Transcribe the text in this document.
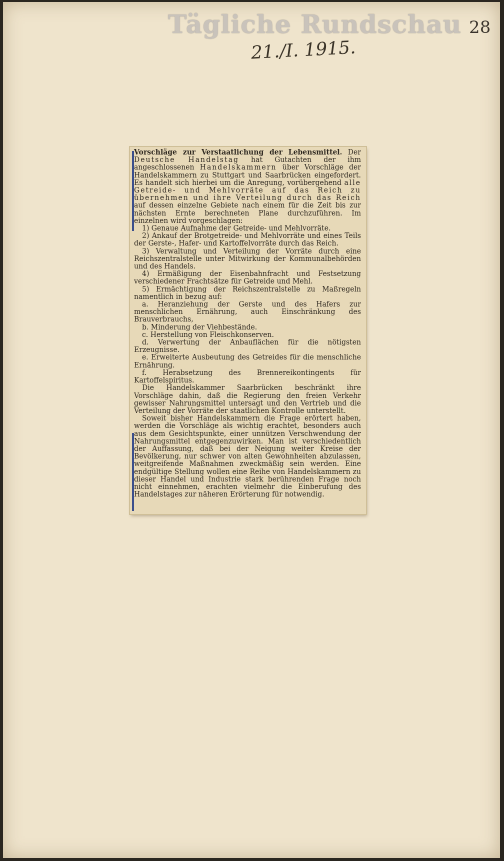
Tägliche Rundschau 28
21./I. 1915.

Vorschläge zur Verstaatlichung der Lebensmittel. Der Deutsche Handelstag hat Gutachten der ihm angeschlossenen Handelskammern über Vorschläge der Handelskammern zu Stuttgart und Saarbrücken eingefordert. Es handelt sich hierbei um die Anregung, vorübergehend alle Getreide- und Mehlvorräte auf das Reich zu übernehmen und ihre Verteilung durch das Reich auf dessen einzelne Gebiete nach einem für die Zeit bis zur nächsten Ernte berechneten Plane durchzuführen. Im einzelnen wird vorgeschlagen:

1) Genaue Aufnahme der Getreide- und Mehlvorräte.

2) Ankauf der Brotgetreide- und Mehlvorräte und eines Teils der Gerste-, Hafer- und Kartoffelvorräte durch das Reich.

3) Verwaltung und Verteilung der Vorräte durch eine Reichszentralstelle unter Mitwirkung der Kommunalbehörden und des Handels.

4) Ermäßigung der Eisenbahnfracht und Festsetzung verschiedener Frachtsätze für Getreide und Mehl.

5) Ermächtigung der Reichszentralstelle zu Maßregeln namentlich in bezug auf:

a. Heranziehung der Gerste und des Hafers zur menschlichen Ernährung, auch Einschränkung des Brauverbrauchs,

b. Minderung der Viehbestände.

c. Herstellung von Fleischkonserven.

d. Verwertung der Anbauflächen für die nötigsten Erzeugnisse.

e. Erweiterte Ausbeutung des Getreides für die menschliche Ernährung.

f. Herabsetzung des Brennereikontingents für Kartoffelspiritus.

Die Handelskammer Saarbrücken beschränkt ihre Vorschläge dahin, daß die Regierung den freien Verkehr gewisser Nahrungsmittel untersagt und den Vertrieb und die Verteilung der Vorräte der staatlichen Kontrolle unterstellt.

Soweit bisher Handelskammern die Frage erörtert haben, werden die Vorschläge als wichtig erachtet, besonders auch aus dem Gesichtspunkte, einer unnützen Verschwendung der Nahrungsmittel entgegenzuwirken. Man ist verschiedentlich der Auffassung, daß bei der Neigung weiter Kreise der Bevölkerung, nur schwer von alten Gewohnheiten abzulassen, weitgreifende Maßnahmen zweckmäßig sein werden. Eine endgültige Stellung wollen eine Reihe von Handelskammern zu dieser Handel und Industrie stark berührenden Frage noch nicht einnehmen, erachten vielmehr die Einberufung des Handelstages zur näheren Erörterung für notwendig.
